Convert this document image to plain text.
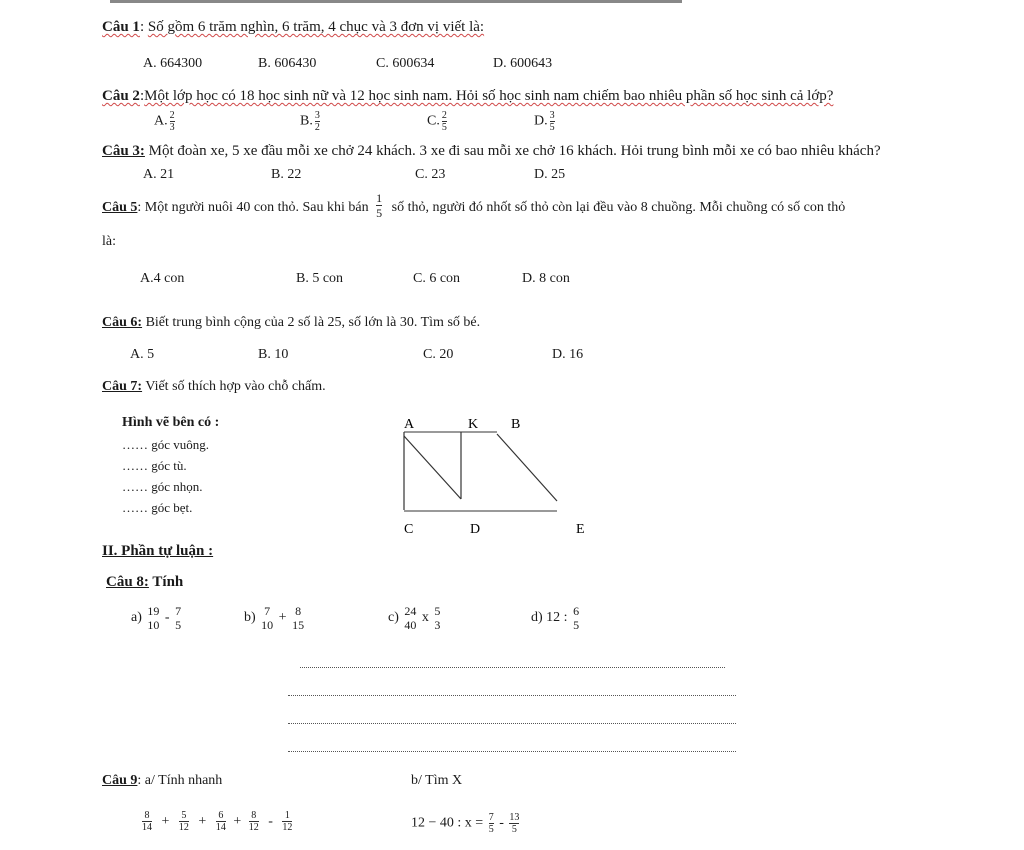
Câu 1: Số gồm 6 trăm nghìn, 6 trăm, 4 chục và 3 đơn vị viết là:
A. 664300	B. 606430	C. 600634	D. 600643
Câu 2:Một lớp học có 18 học sinh nữ và 12 học sinh nam. Hỏi số học sinh nam chiếm bao nhiêu phần số học sinh cả lớp?
A. $\frac{2}{3}$	B. $\frac{3}{2}$	C. $\frac{2}{5}$	D. $\frac{3}{5}$
Câu 3: Một đoàn xe, 5 xe đầu mỗi xe chở 24 khách. 3 xe đi sau mỗi xe chở 16 khách. Hỏi trung bình mỗi xe có bao nhiêu khách?
A. 21	B. 22	C. 23	D. 25
Câu 5: Một người nuôi 40 con thỏ. Sau khi bán $\frac{1}{5}$ số thỏ, người đó nhốt số thỏ còn lại đều vào 8 chuồng. Mỗi chuồng có số con thỏ
là:
A.4 con	B. 5 con	C. 6 con	D. 8 con
Câu 6: Biết trung bình cộng của 2 số là 25, số lớn là 30. Tìm số bé.
A. 5	B. 10	C. 20	D. 16
Câu 7: Viết số thích hợp vào chỗ chấm.
Hình vẽ bên có :
…… góc vuông.
…… góc tù.
…… góc nhọn.
…… góc bẹt.
A	K B
C	D	E
II. Phần tự luận :
Câu 8: Tính
a) 19
10 - 7
5	b) 7
10 + 8
15	c) 24
40 x 5
3	d) 12 : 6
5
Câu 9: a/ Tính nhanh	b/ Tìm X
$\frac{8}{14} + \frac{5}{12} + \frac{6}{14} + \frac{8}{12} - \frac{1}{12}$	12 − 40 : $x = \frac{7}{5} - \frac{13}{5}$
